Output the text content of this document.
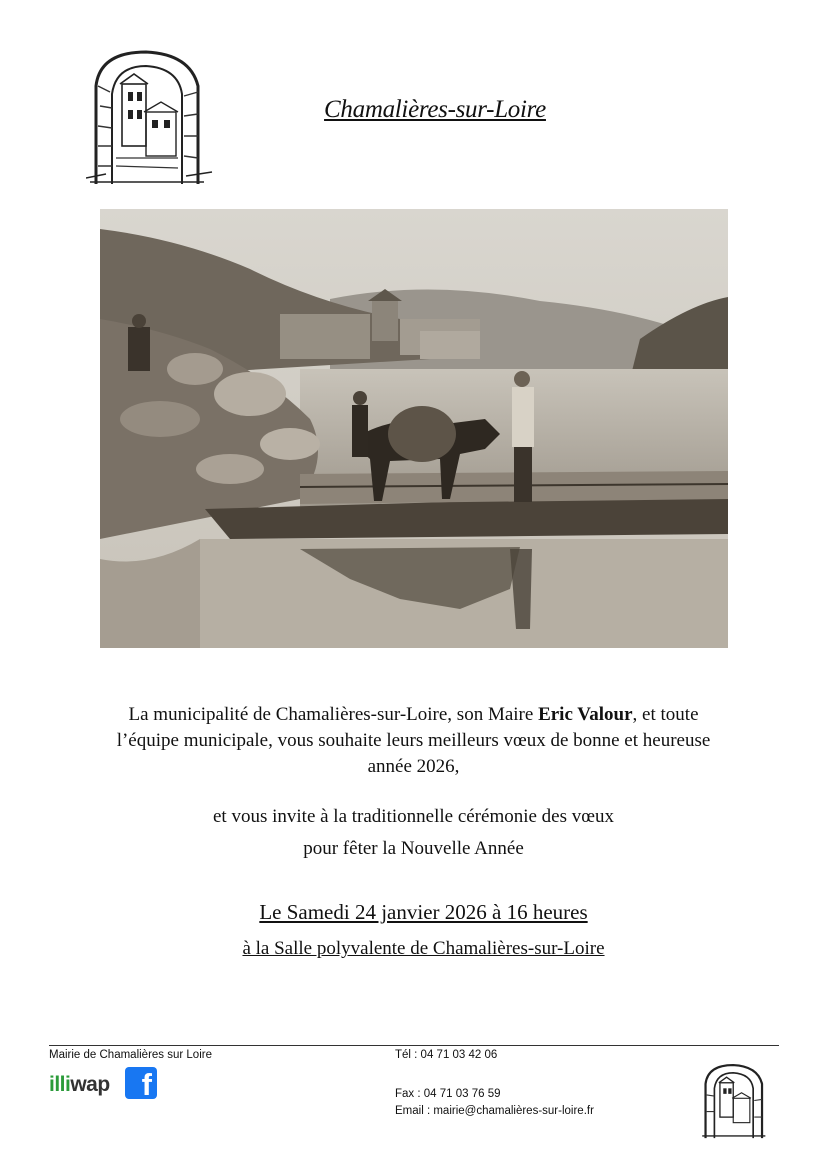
Chamalières-sur-Loire

La municipalité de Chamalières-sur-Loire, son Maire Eric Valour, et toute
l’équipe municipale, vous souhaite leurs meilleurs vœux de bonne et heureuse
année 2026,

et vous invite à la traditionnelle cérémonie des vœux
pour fêter la Nouvelle Année

Le Samedi 24 janvier 2026 à 16 heures
à la Salle polyvalente de Chamalières-sur-Loire
Mairie de Chamalières sur Loire	Tél : 04 71 03 42 06
Fax : 04 71 03 76 59
Email : mairie@chamalières-sur-loire.fr
illi wap f
